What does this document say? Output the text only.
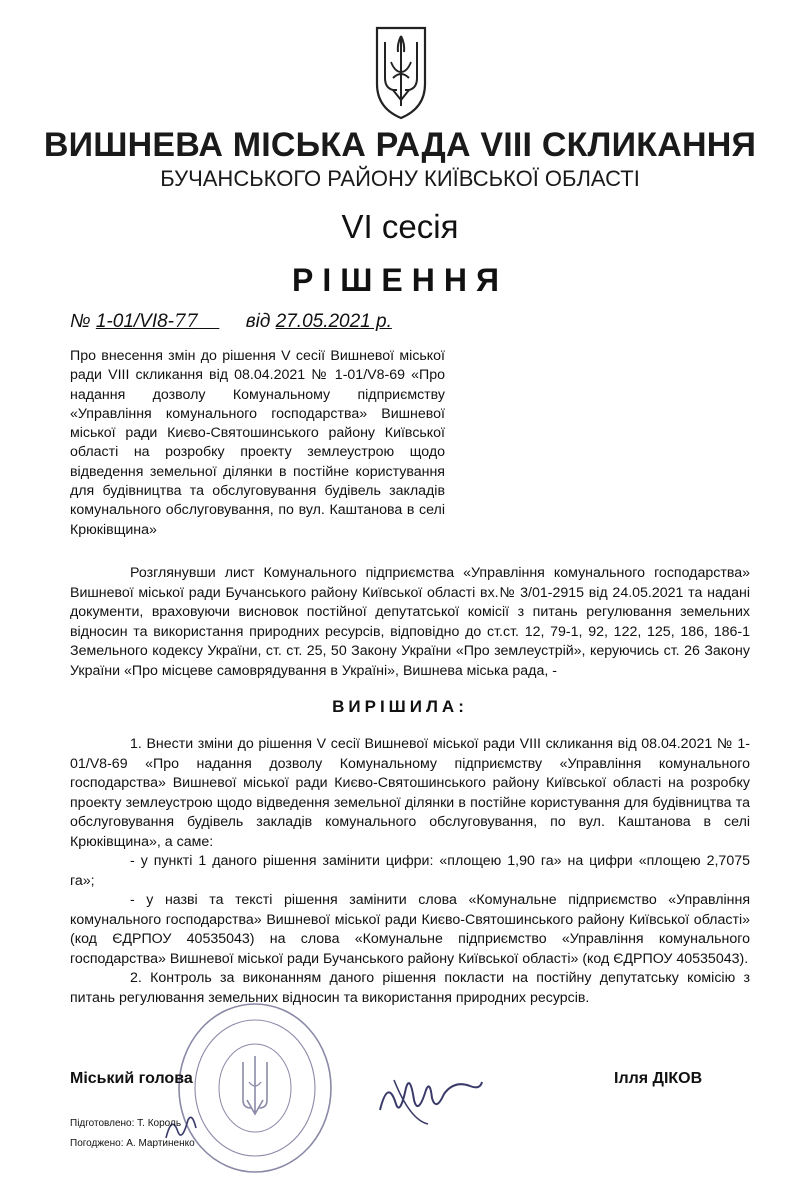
ВИШНЕВА МІСЬКА РАДА VIII СКЛИКАННЯ
БУЧАНСЬКОГО РАЙОНУ КИЇВСЬКОЇ ОБЛАСТІ
VI сесія
РІШЕННЯ
№ 1-01/VI8-77	від 27.05.2021 р.
Про внесення змін до рішення V сесії Вишневої міської ради VIII скликання від 08.04.2021 № 1-01/V8-69 «Про надання дозволу Комунальному підприємству «Управління комунального господарства» Вишневої міської ради Києво-Святошинського району Київської області на розробку проекту землеустрою щодо відведення земельної ділянки в постійне користування для будівництва та обслуговування будівель закладів комунального обслуговування, по вул. Каштанова в селі Крюківщина»

Розглянувши лист Комунального підприємства «Управління комунального господарства» Вишневої міської ради Бучанського району Київської області вх.№ 3/01-2915 від 24.05.2021 та надані документи, враховуючи висновок постійної депутатської комісії з питань регулювання земельних відносин та використання природних ресурсів, відповідно до ст.ст. 12, 79-1, 92, 122, 125, 186, 186-1 Земельного кодексу України, ст. ст. 25, 50 Закону України «Про землеустрій», керуючись ст. 26 Закону України «Про місцеве самоврядування в Україні», Вишнева міська рада, -

ВИРІШИЛА:

1. Внести зміни до рішення V сесії Вишневої міської ради VIII скликання від 08.04.2021 № 1-01/V8-69 «Про надання дозволу Комунальному підприємству «Управління комунального господарства» Вишневої міської ради Києво-Святошинського району Київської області на розробку проекту землеустрою щодо відведення земельної ділянки в постійне користування для будівництва та обслуговування будівель закладів комунального обслуговування, по вул. Каштанова в селі Крюківщина», а саме:

- у пункті 1 даного рішення замінити цифри: «площею 1,90 га» на цифри «площею 2,7075 га»;

- у назві та тексті рішення замінити слова «Комунальне підприємство «Управління комунального господарства» Вишневої міської ради Києво-Святошинського району Київської області» (код ЄДРПОУ 40535043) на слова «Комунальне підприємство «Управління комунального господарства» Вишневої міської ради Бучанського району Київської області» (код ЄДРПОУ 40535043).

2. Контроль за виконанням даного рішення покласти на постійну депутатську комісію з питань регулювання земельних відносин та використання природних ресурсів.

Міський голова	Ілля ДІКОВ
Підготовлено: Т. Король
Погоджено: А. Мартиненко
